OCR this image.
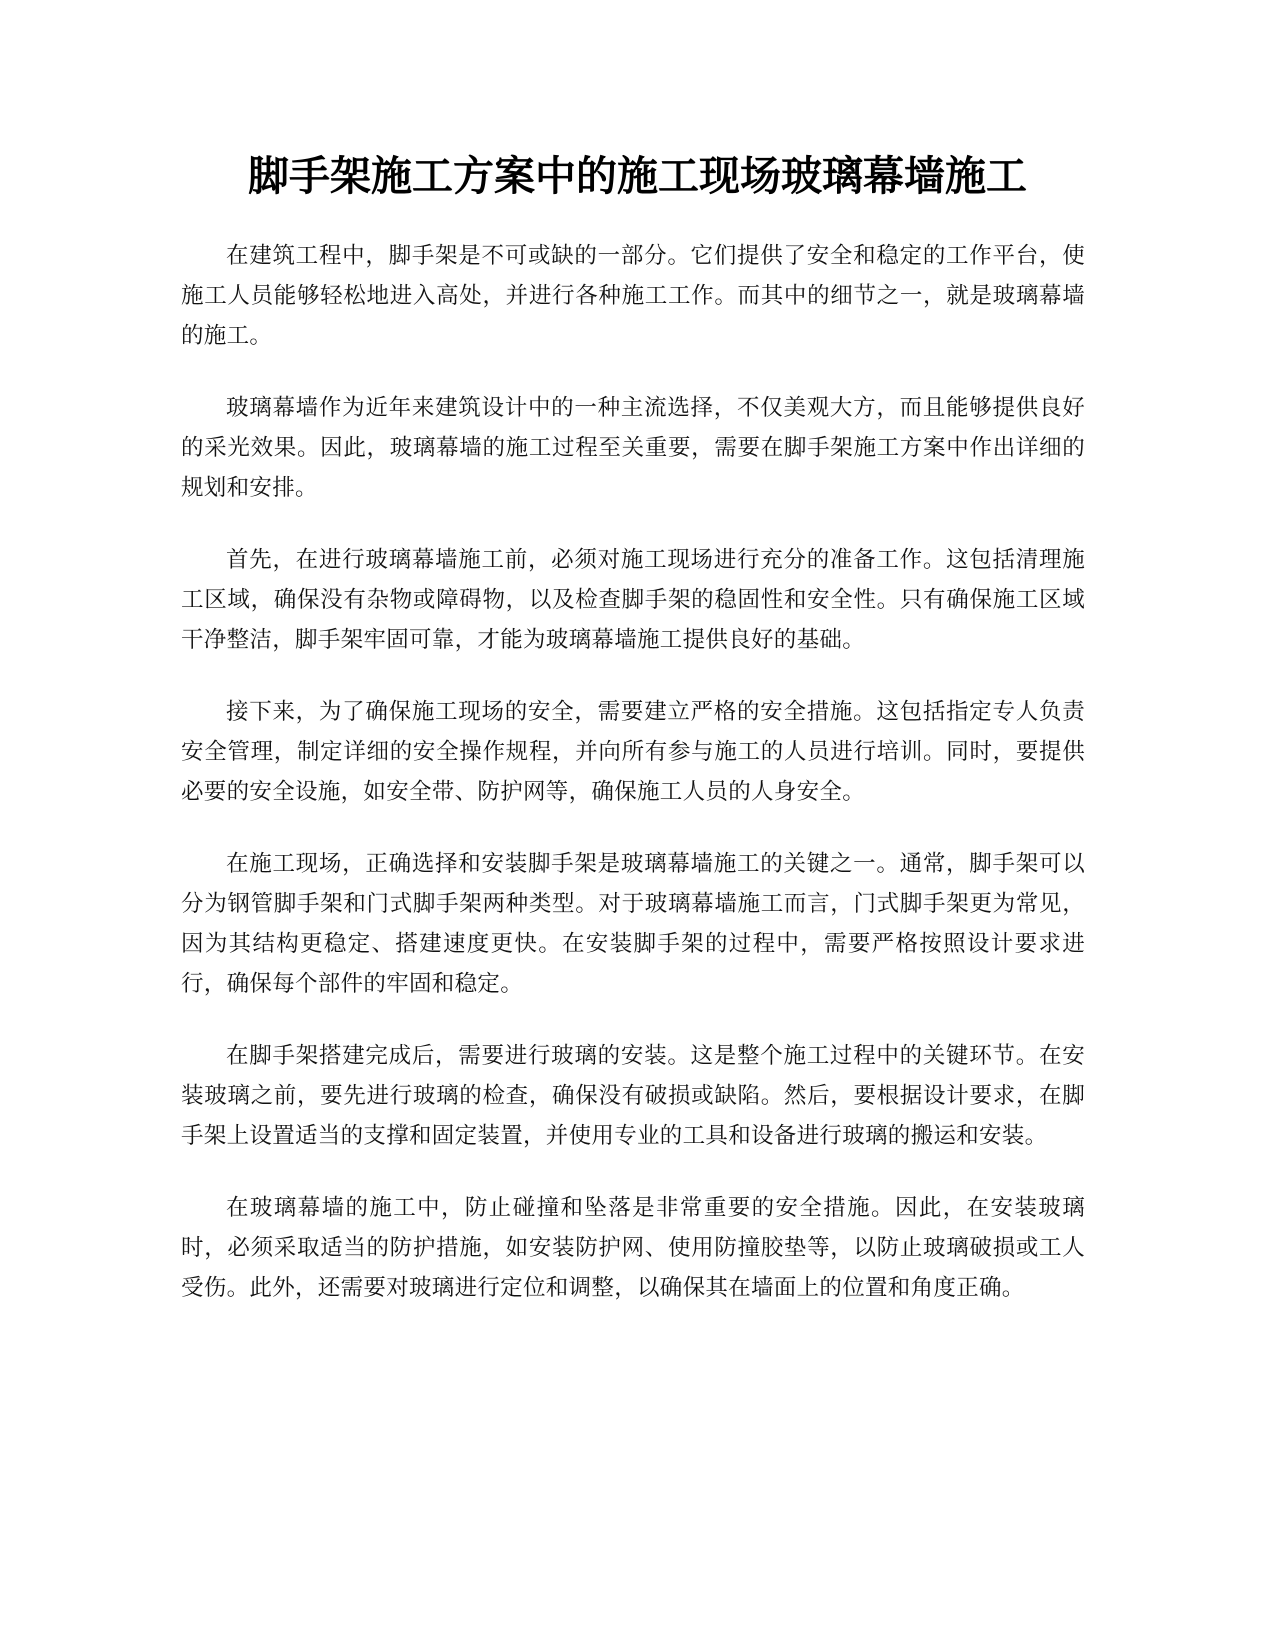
脚手架施工方案中的施工现场玻璃幕墙施工

在建筑工程中，脚手架是不可或缺的一部分。它们提供了安全和稳定的工作平台，使施工人员能够轻松地进入高处，并进行各种施工工作。而其中的细节之一，就是玻璃幕墙的施工。

玻璃幕墙作为近年来建筑设计中的一种主流选择，不仅美观大方，而且能够提供良好的采光效果。因此，玻璃幕墙的施工过程至关重要，需要在脚手架施工方案中作出详细的规划和安排。

首先，在进行玻璃幕墙施工前，必须对施工现场进行充分的准备工作。这包括清理施工区域，确保没有杂物或障碍物，以及检查脚手架的稳固性和安全性。只有确保施工区域干净整洁，脚手架牢固可靠，才能为玻璃幕墙施工提供良好的基础。

接下来，为了确保施工现场的安全，需要建立严格的安全措施。这包括指定专人负责安全管理，制定详细的安全操作规程，并向所有参与施工的人员进行培训。同时，要提供必要的安全设施，如安全带、防护网等，确保施工人员的人身安全。

在施工现场，正确选择和安装脚手架是玻璃幕墙施工的关键之一。通常，脚手架可以分为钢管脚手架和门式脚手架两种类型。对于玻璃幕墙施工而言，门式脚手架更为常见，因为其结构更稳定、搭建速度更快。在安装脚手架的过程中，需要严格按照设计要求进行，确保每个部件的牢固和稳定。

在脚手架搭建完成后，需要进行玻璃的安装。这是整个施工过程中的关键环节。在安装玻璃之前，要先进行玻璃的检查，确保没有破损或缺陷。然后，要根据设计要求，在脚手架上设置适当的支撑和固定装置，并使用专业的工具和设备进行玻璃的搬运和安装。

在玻璃幕墙的施工中，防止碰撞和坠落是非常重要的安全措施。因此，在安装玻璃时，必须采取适当的防护措施，如安装防护网、使用防撞胶垫等，以防止玻璃破损或工人受伤。此外，还需要对玻璃进行定位和调整，以确保其在墙面上的位置和角度正确。
